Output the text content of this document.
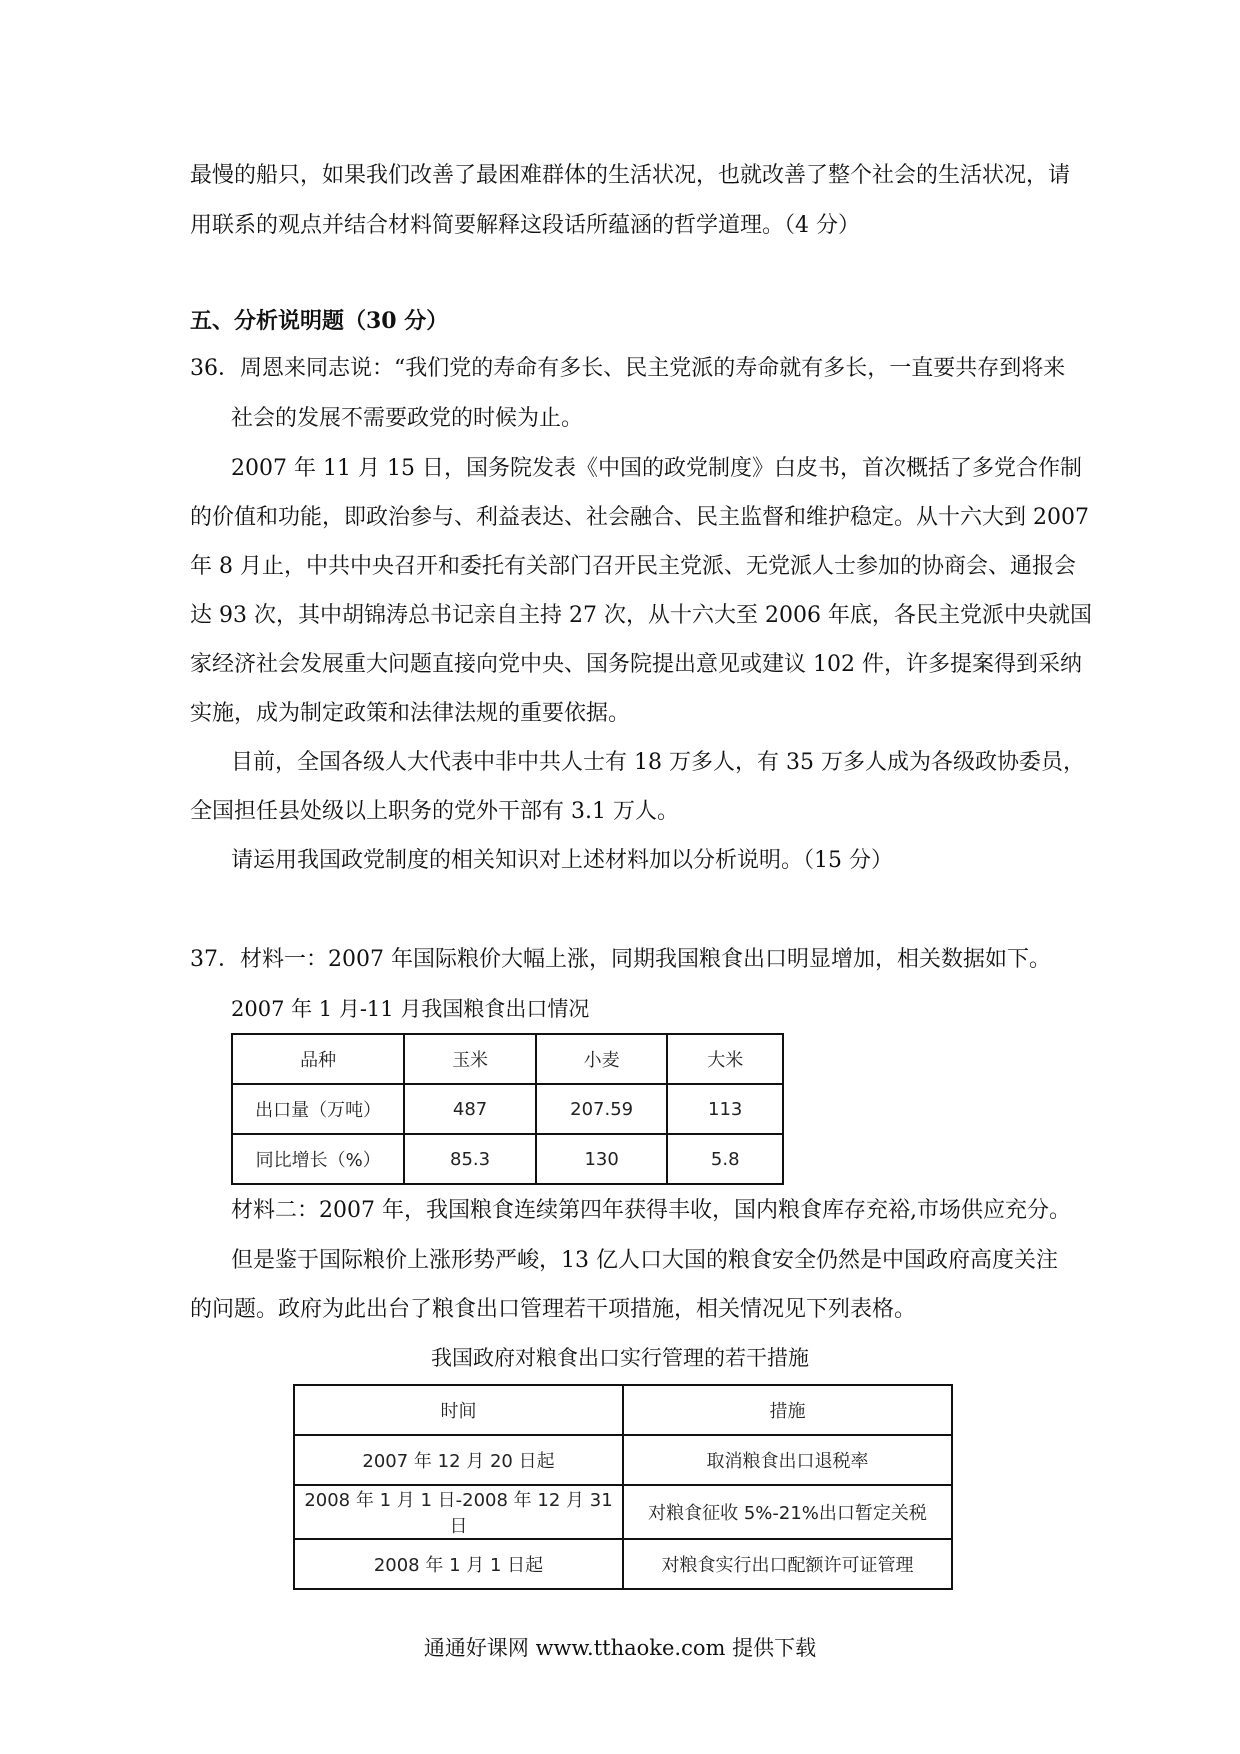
最慢的船只，如果我们改善了最困难群体的生活状况，也就改善了整个社会的生活状况，请
用联系的观点并结合材料简要解释这段话所蕴涵的哲学道理。（4 分）
五、分析说明题（30 分）
36．周恩来同志说：“我们党的寿命有多长、民主党派的寿命就有多长，一直要共存到将来
社会的发展不需要政党的时候为止。
2007 年 11 月 15 日，国务院发表《中国的政党制度》白皮书，首次概括了多党合作制
的价值和功能，即政治参与、利益表达、社会融合、民主监督和维护稳定。从十六大到 2007
年 8 月止，中共中央召开和委托有关部门召开民主党派、无党派人士参加的协商会、通报会
达 93 次，其中胡锦涛总书记亲自主持 27 次，从十六大至 2006 年底，各民主党派中央就国
家经济社会发展重大问题直接向党中央、国务院提出意见或建议 102 件，许多提案得到采纳
实施，成为制定政策和法律法规的重要依据。
目前，全国各级人大代表中非中共人士有 18 万多人，有 35 万多人成为各级政协委员，
全国担任县处级以上职务的党外干部有 3.1 万人。
请运用我国政党制度的相关知识对上述材料加以分析说明。（15 分）
37．材料一：2007 年国际粮价大幅上涨，同期我国粮食出口明显增加，相关数据如下。
2007 年 1 月-11 月我国粮食出口情况
品种	玉米	小麦	大米
出口量（万吨）	487	207.59	113
同比增长（%）	85.3	130	5.8
材料二：2007 年，我国粮食连续第四年获得丰收，国内粮食库存充裕,市场供应充分。
但是鉴于国际粮价上涨形势严峻，13 亿人口大国的粮食安全仍然是中国政府高度关注
的问题。政府为此出台了粮食出口管理若干项措施，相关情况见下列表格。
我国政府对粮食出口实行管理的若干措施
时间	措施
2007 年 12 月 20 日起	取消粮食出口退税率
2008 年 1 月 1 日-2008 年 12 月 31 日	对粮食征收 5%-21%出口暂定关税
2008 年 1 月 1 日起	对粮食实行出口配额许可证管理
通通好课网 www.tthaoke.com 提供下载
